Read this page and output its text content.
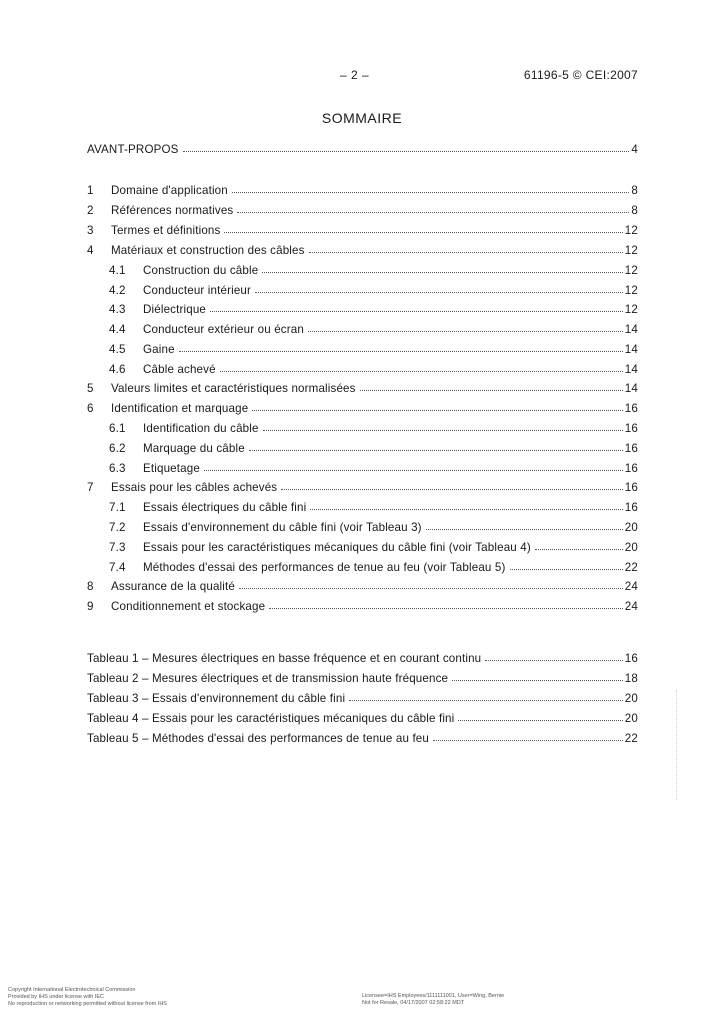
– 2 –	61196-5 © CEI:2007
SOMMAIRE
AVANT-PROPOS	4
1	Domaine d'application	8
2	Références normatives	8
3	Termes et définitions	12
4	Matériaux et construction des câbles	12
4.1	Construction du câble	12
4.2	Conducteur intérieur	12
4.3	Diélectrique	12
4.4	Conducteur extérieur ou écran	14
4.5	Gaine	14
4.6	Câble achevé	14
5	Valeurs limites et caractéristiques normalisées	14
6	Identification et marquage	16
6.1	Identification du câble	16
6.2	Marquage du câble	16
6.3	Etiquetage	16
7	Essais pour les câbles achevés	16
7.1	Essais électriques du câble fini	16
7.2	Essais d'environnement du câble fini (voir Tableau 3)	20
7.3	Essais pour les caractéristiques mécaniques du câble fini (voir Tableau 4)	20
7.4	Méthodes d'essai des performances de tenue au feu (voir Tableau 5)	22
8	Assurance de la qualité	24
9	Conditionnement et stockage	24
Tableau 1 – Mesures électriques en basse fréquence et en courant continu	16
Tableau 2 – Mesures électriques et de transmission haute fréquence	18
Tableau 3 – Essais d'environnement du câble fini	20
Tableau 4 – Essais pour les caractéristiques mécaniques du câble fini	20
Tableau 5 – Méthodes d'essai des performances de tenue au feu	22
Copyright International Electrotechnical Commission
Provided by IHS under license with IEC
No reproduction or networking permitted without license from IHS
Licensee=IHS Employees/1111111001, User=Wing, Bernie
Not for Resale, 04/17/2007 02:58:22 MDT
